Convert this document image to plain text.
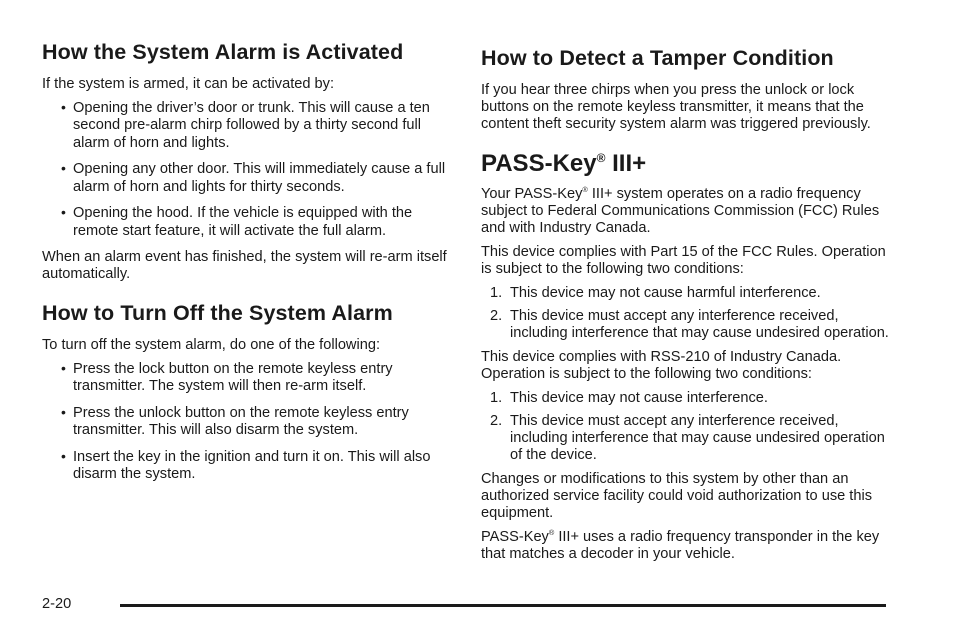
How the System Alarm is Activated

If the system is armed, it can be activated by:

• Opening the driver’s door or trunk. This will cause a ten second pre-alarm chirp followed by a thirty second full alarm of horn and lights.
• Opening any other door. This will immediately cause a full alarm of horn and lights for thirty seconds.
• Opening the hood. If the vehicle is equipped with the remote start feature, it will activate the full alarm.

When an alarm event has finished, the system will re-arm itself automatically.

How to Turn Off the System Alarm

To turn off the system alarm, do one of the following:

• Press the lock button on the remote keyless entry transmitter. The system will then re-arm itself.
• Press the unlock button on the remote keyless entry transmitter. This will also disarm the system.
• Insert the key in the ignition and turn it on. This will also disarm the system.
How to Detect a Tamper Condition

If you hear three chirps when you press the unlock or lock buttons on the remote keyless transmitter, it means that the content theft security system alarm was triggered previously.

PASS-Key® III+

Your PASS-Key® III+ system operates on a radio frequency subject to Federal Communications Commission (FCC) Rules and with Industry Canada.

This device complies with Part 15 of the FCC Rules. Operation is subject to the following two conditions:

1. This device may not cause harmful interference.
2. This device must accept any interference received, including interference that may cause undesired operation.

This device complies with RSS-210 of Industry Canada. Operation is subject to the following two conditions:

1. This device may not cause interference.
2. This device must accept any interference received, including interference that may cause undesired operation of the device.

Changes or modifications to this system by other than an authorized service facility could void authorization to use this equipment.

PASS-Key® III+ uses a radio frequency transponder in the key that matches a decoder in your vehicle.

2-20
